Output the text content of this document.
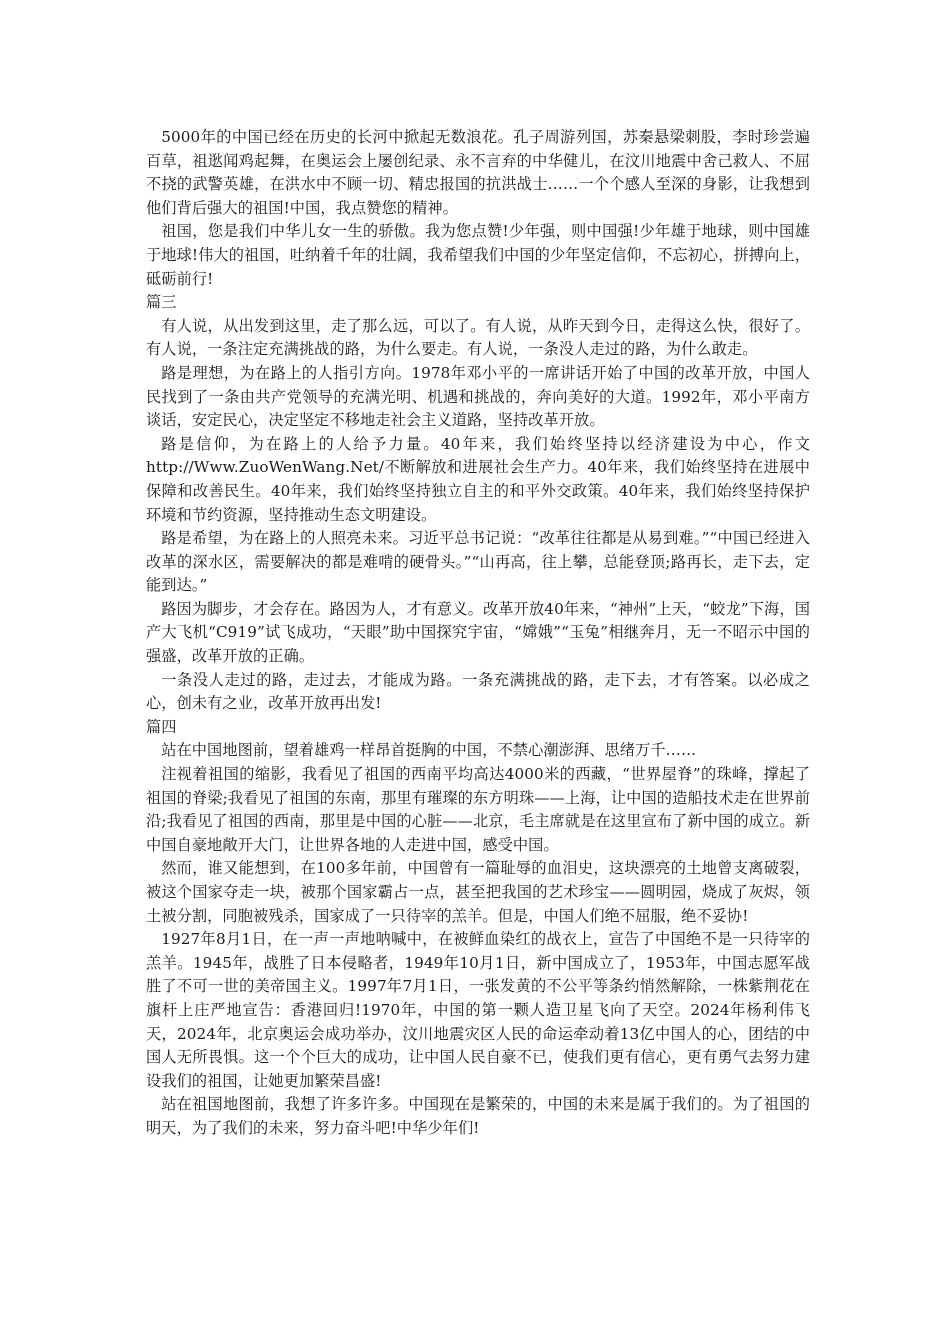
5000年的中国已经在历史的长河中掀起无数浪花。孔子周游列国，苏秦悬梁刺股，李时珍尝遍百草，祖逖闻鸡起舞，在奥运会上屡创纪录、永不言弃的中华健儿，在汶川地震中舍己救人、不屈不挠的武警英雄，在洪水中不顾一切、精忠报国的抗洪战士……一个个感人至深的身影，让我想到他们背后强大的祖国!中国，我点赞您的精神。

祖国，您是我们中华儿女一生的骄傲。我为您点赞!少年强，则中国强!少年雄于地球，则中国雄于地球!伟大的祖国，吐纳着千年的壮阔，我希望我们中国的少年坚定信仰，不忘初心，拼搏向上，砥砺前行!

篇三

有人说，从出发到这里，走了那么远，可以了。有人说，从昨天到今日，走得这么快，很好了。有人说，一条注定充满挑战的路，为什么要走。有人说，一条没人走过的路，为什么敢走。

路是理想，为在路上的人指引方向。1978年邓小平的一席讲话开始了中国的改革开放，中国人民找到了一条由共产党领导的充满光明、机遇和挑战的，奔向美好的大道。1992年，邓小平南方谈话，安定民心，决定坚定不移地走社会主义道路，坚持改革开放。

路是信仰，为在路上的人给予力量。40年来，我们始终坚持以经济建设为中心，作文http://Www.ZuoWenWang.Net/不断解放和进展社会生产力。40年来，我们始终坚持在进展中保障和改善民生。40年来，我们始终坚持独立自主的和平外交政策。40年来，我们始终坚持保护环境和节约资源，坚持推动生态文明建设。

路是希望，为在路上的人照亮未来。习近平总书记说：“改革往往都是从易到难。”“中国已经进入改革的深水区，需要解决的都是难啃的硬骨头。”“山再高，往上攀，总能登顶;路再长，走下去，定能到达。”

路因为脚步，才会存在。路因为人，才有意义。改革开放40年来，“神州”上天，“蛟龙”下海，国产大飞机“C919”试飞成功，“天眼”助中国探究宇宙，“嫦娥”“玉兔”相继奔月，无一不昭示中国的强盛，改革开放的正确。

一条没人走过的路，走过去，才能成为路。一条充满挑战的路，走下去，才有答案。以必成之心，创未有之业，改革开放再出发!

篇四

站在中国地图前，望着雄鸡一样昂首挺胸的中国，不禁心潮澎湃、思绪万千……

注视着祖国的缩影，我看见了祖国的西南平均高达4000米的西藏，“世界屋脊”的珠峰，撑起了祖国的脊梁;我看见了祖国的东南，那里有璀璨的东方明珠——上海，让中国的造船技术走在世界前沿;我看见了祖国的西南，那里是中国的心脏——北京，毛主席就是在这里宣布了新中国的成立。新中国自豪地敞开大门，让世界各地的人走进中国，感受中国。

然而，谁又能想到，在100多年前，中国曾有一篇耻辱的血泪史，这块漂亮的土地曾支离破裂，被这个国家夺走一块，被那个国家霸占一点，甚至把我国的艺术珍宝——圆明园，烧成了灰烬，领土被分割，同胞被残杀，国家成了一只待宰的羔羊。但是，中国人们绝不屈服，绝不妥协!

1927年8月1日，在一声一声地呐喊中，在被鲜血染红的战衣上，宣告了中国绝不是一只待宰的羔羊。1945年，战胜了日本侵略者，1949年10月1日，新中国成立了，1953年，中国志愿军战胜了不可一世的美帝国主义。1997年7月1日，一张发黄的不公平等条约悄然解除，一株紫荆花在旗杆上庄严地宣告：香港回归!1970年，中国的第一颗人造卫星飞向了天空。2024年杨利伟飞天，2024年，北京奥运会成功举办，汶川地震灾区人民的命运牵动着13亿中国人的心，团结的中国人无所畏惧。这一个个巨大的成功，让中国人民自豪不已，使我们更有信心，更有勇气去努力建设我们的祖国，让她更加繁荣昌盛!

站在祖国地图前，我想了许多许多。中国现在是繁荣的，中国的未来是属于我们的。为了祖国的明天，为了我们的未来，努力奋斗吧!中华少年们!
